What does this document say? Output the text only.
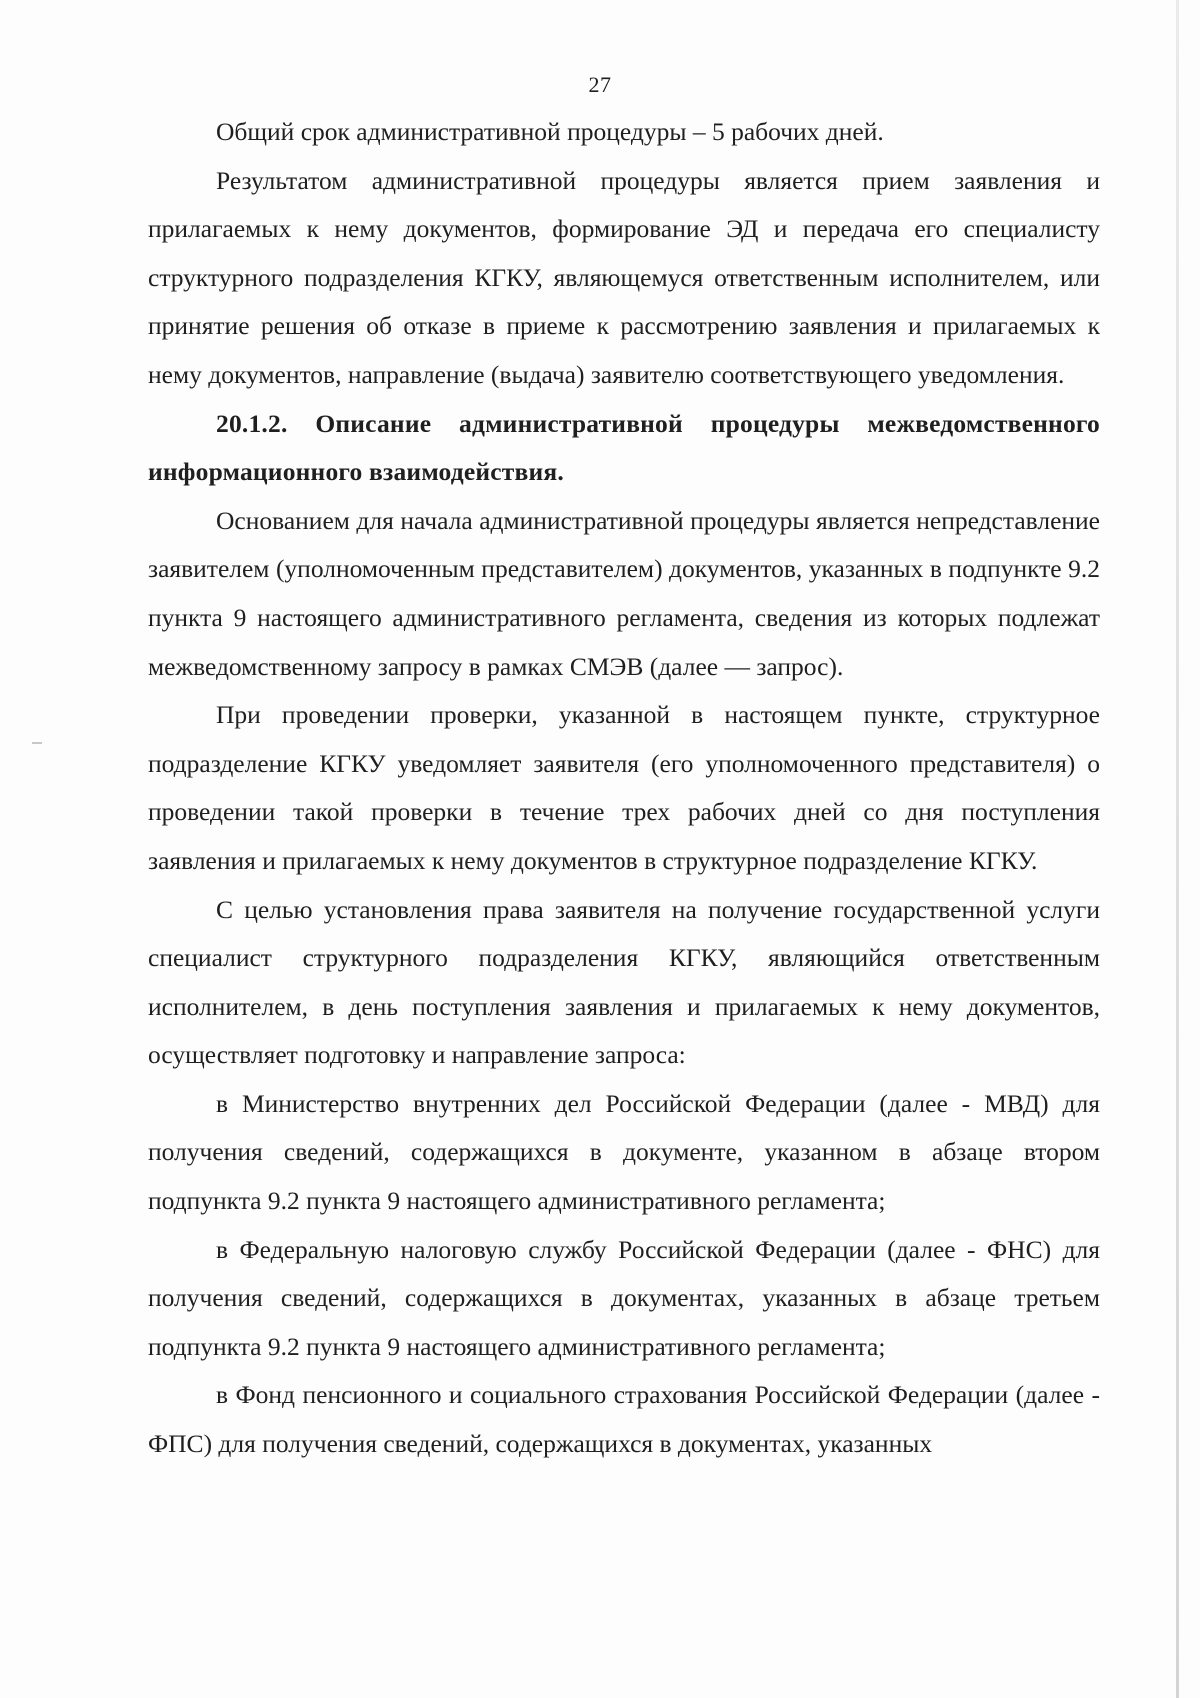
27

Общий срок административной процедуры – 5 рабочих дней.

Результатом административной процедуры является прием заявления и прилагаемых к нему документов, формирование ЭД и передача его специалисту структурного подразделения КГКУ, являющемуся ответственным исполнителем, или принятие решения об отказе в приеме к рассмотрению заявления и прилагаемых к нему документов, направление (выдача) заявителю соответствующего уведомления.

20.1.2. Описание административной процедуры межведомственного информационного взаимодействия.

Основанием для начала административной процедуры является непредставление заявителем (уполномоченным представителем) документов, указанных в подпункте 9.2 пункта 9 настоящего административного регламента, сведения из которых подлежат межведомственному запросу в рамках СМЭВ (далее — запрос).

При проведении проверки, указанной в настоящем пункте, структурное подразделение КГКУ уведомляет заявителя (его уполномоченного представителя) о проведении такой проверки в течение трех рабочих дней со дня поступления заявления и прилагаемых к нему документов в структурное подразделение КГКУ.

С целью установления права заявителя на получение государственной услуги специалист структурного подразделения КГКУ, являющийся ответственным исполнителем, в день поступления заявления и прилагаемых к нему документов, осуществляет подготовку и направление запроса:

в Министерство внутренних дел Российской Федерации (далее - МВД) для получения сведений, содержащихся в документе, указанном в абзаце втором подпункта 9.2 пункта 9 настоящего административного регламента;

в Федеральную налоговую службу Российской Федерации (далее - ФНС) для получения сведений, содержащихся в документах, указанных в абзаце третьем подпункта 9.2 пункта 9 настоящего административного регламента;

в Фонд пенсионного и социального страхования Российской Федерации (далее - ФПС) для получения сведений, содержащихся в документах, указанных
